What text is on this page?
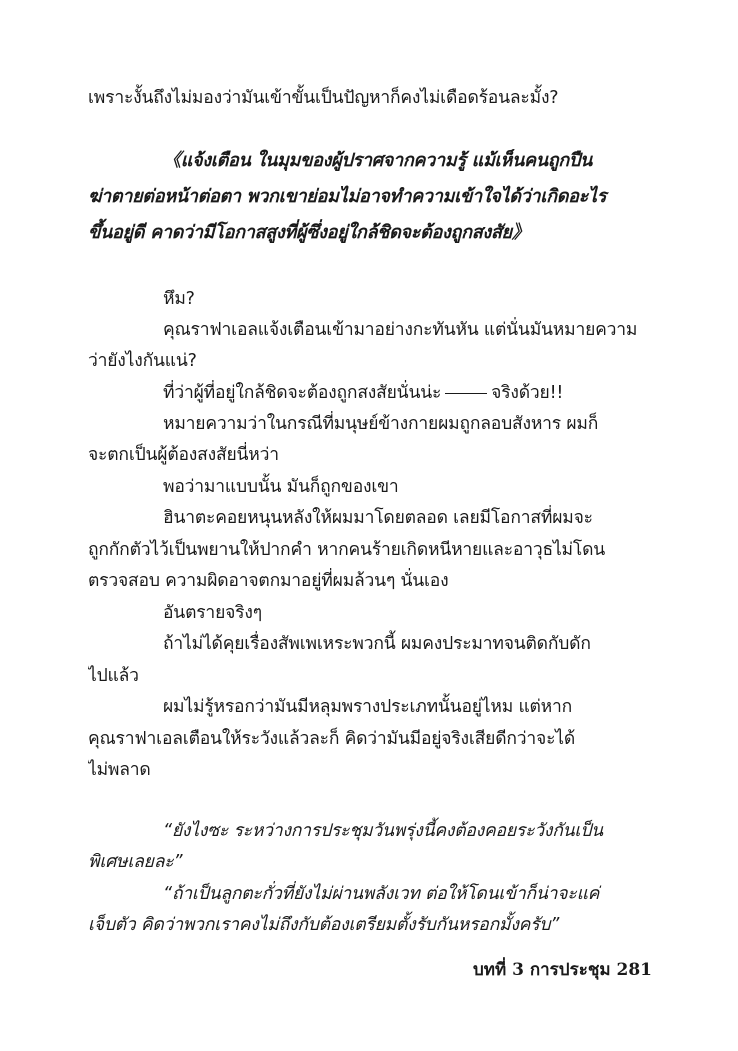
เพราะงั้นถึงไม่มองว่ามันเข้าขั้นเป็นปัญหาก็คงไม่เดือดร้อนละมั้ง?
《แจ้งเตือน ในมุมของผู้ปราศจากความรู้ แม้เห็นคนถูกปืน
ฆ่าตายต่อหน้าต่อตา พวกเขาย่อมไม่อาจทำความเข้าใจได้ว่าเกิดอะไร
ขึ้นอยู่ดี คาดว่ามีโอกาสสูงที่ผู้ซึ่งอยู่ใกล้ชิดจะต้องถูกสงสัย》
หึม?
คุณราฟาเอลแจ้งเตือนเข้ามาอย่างกะทันหัน แต่นั่นมันหมายความ
ว่ายังไงกันแน่?
ที่ว่าผู้ที่อยู่ใกล้ชิดจะต้องถูกสงสัยนั่นน่ะ	จริงด้วย!!
หมายความว่าในกรณีที่มนุษย์ข้างกายผมถูกลอบสังหาร ผมก็
จะตกเป็นผู้ต้องสงสัยนี่หว่า
พอว่ามาแบบนั้น มันก็ถูกของเขา
ฮินาตะคอยหนุนหลังให้ผมมาโดยตลอด เลยมีโอกาสที่ผมจะ
ถูกกักตัวไว้เป็นพยานให้ปากคำ หากคนร้ายเกิดหนีหายและอาวุธไม่โดน
ตรวจสอบ ความผิดอาจตกมาอยู่ที่ผมล้วนๆ นั่นเอง
อันตรายจริงๆ
ถ้าไม่ได้คุยเรื่องสัพเพเหระพวกนี้ ผมคงประมาทจนติดกับดัก
ไปแล้ว
ผมไม่รู้หรอกว่ามันมีหลุมพรางประเภทนั้นอยู่ไหม แต่หาก
คุณราฟาเอลเตือนให้ระวังแล้วละก็ คิดว่ามันมีอยู่จริงเสียดีกว่าจะได้
ไม่พลาด
“ยังไงซะ ระหว่างการประชุมวันพรุ่งนี้คงต้องคอยระวังกันเป็น
พิเศษเลยละ”
“ถ้าเป็นลูกตะกั่วที่ยังไม่ผ่านพลังเวท ต่อให้โดนเข้าก็น่าจะแค่
เจ็บตัว คิดว่าพวกเราคงไม่ถึงกับต้องเตรียมตั้งรับกันหรอกมั้งครับ”
บทที่ 3 การประชุม 281
